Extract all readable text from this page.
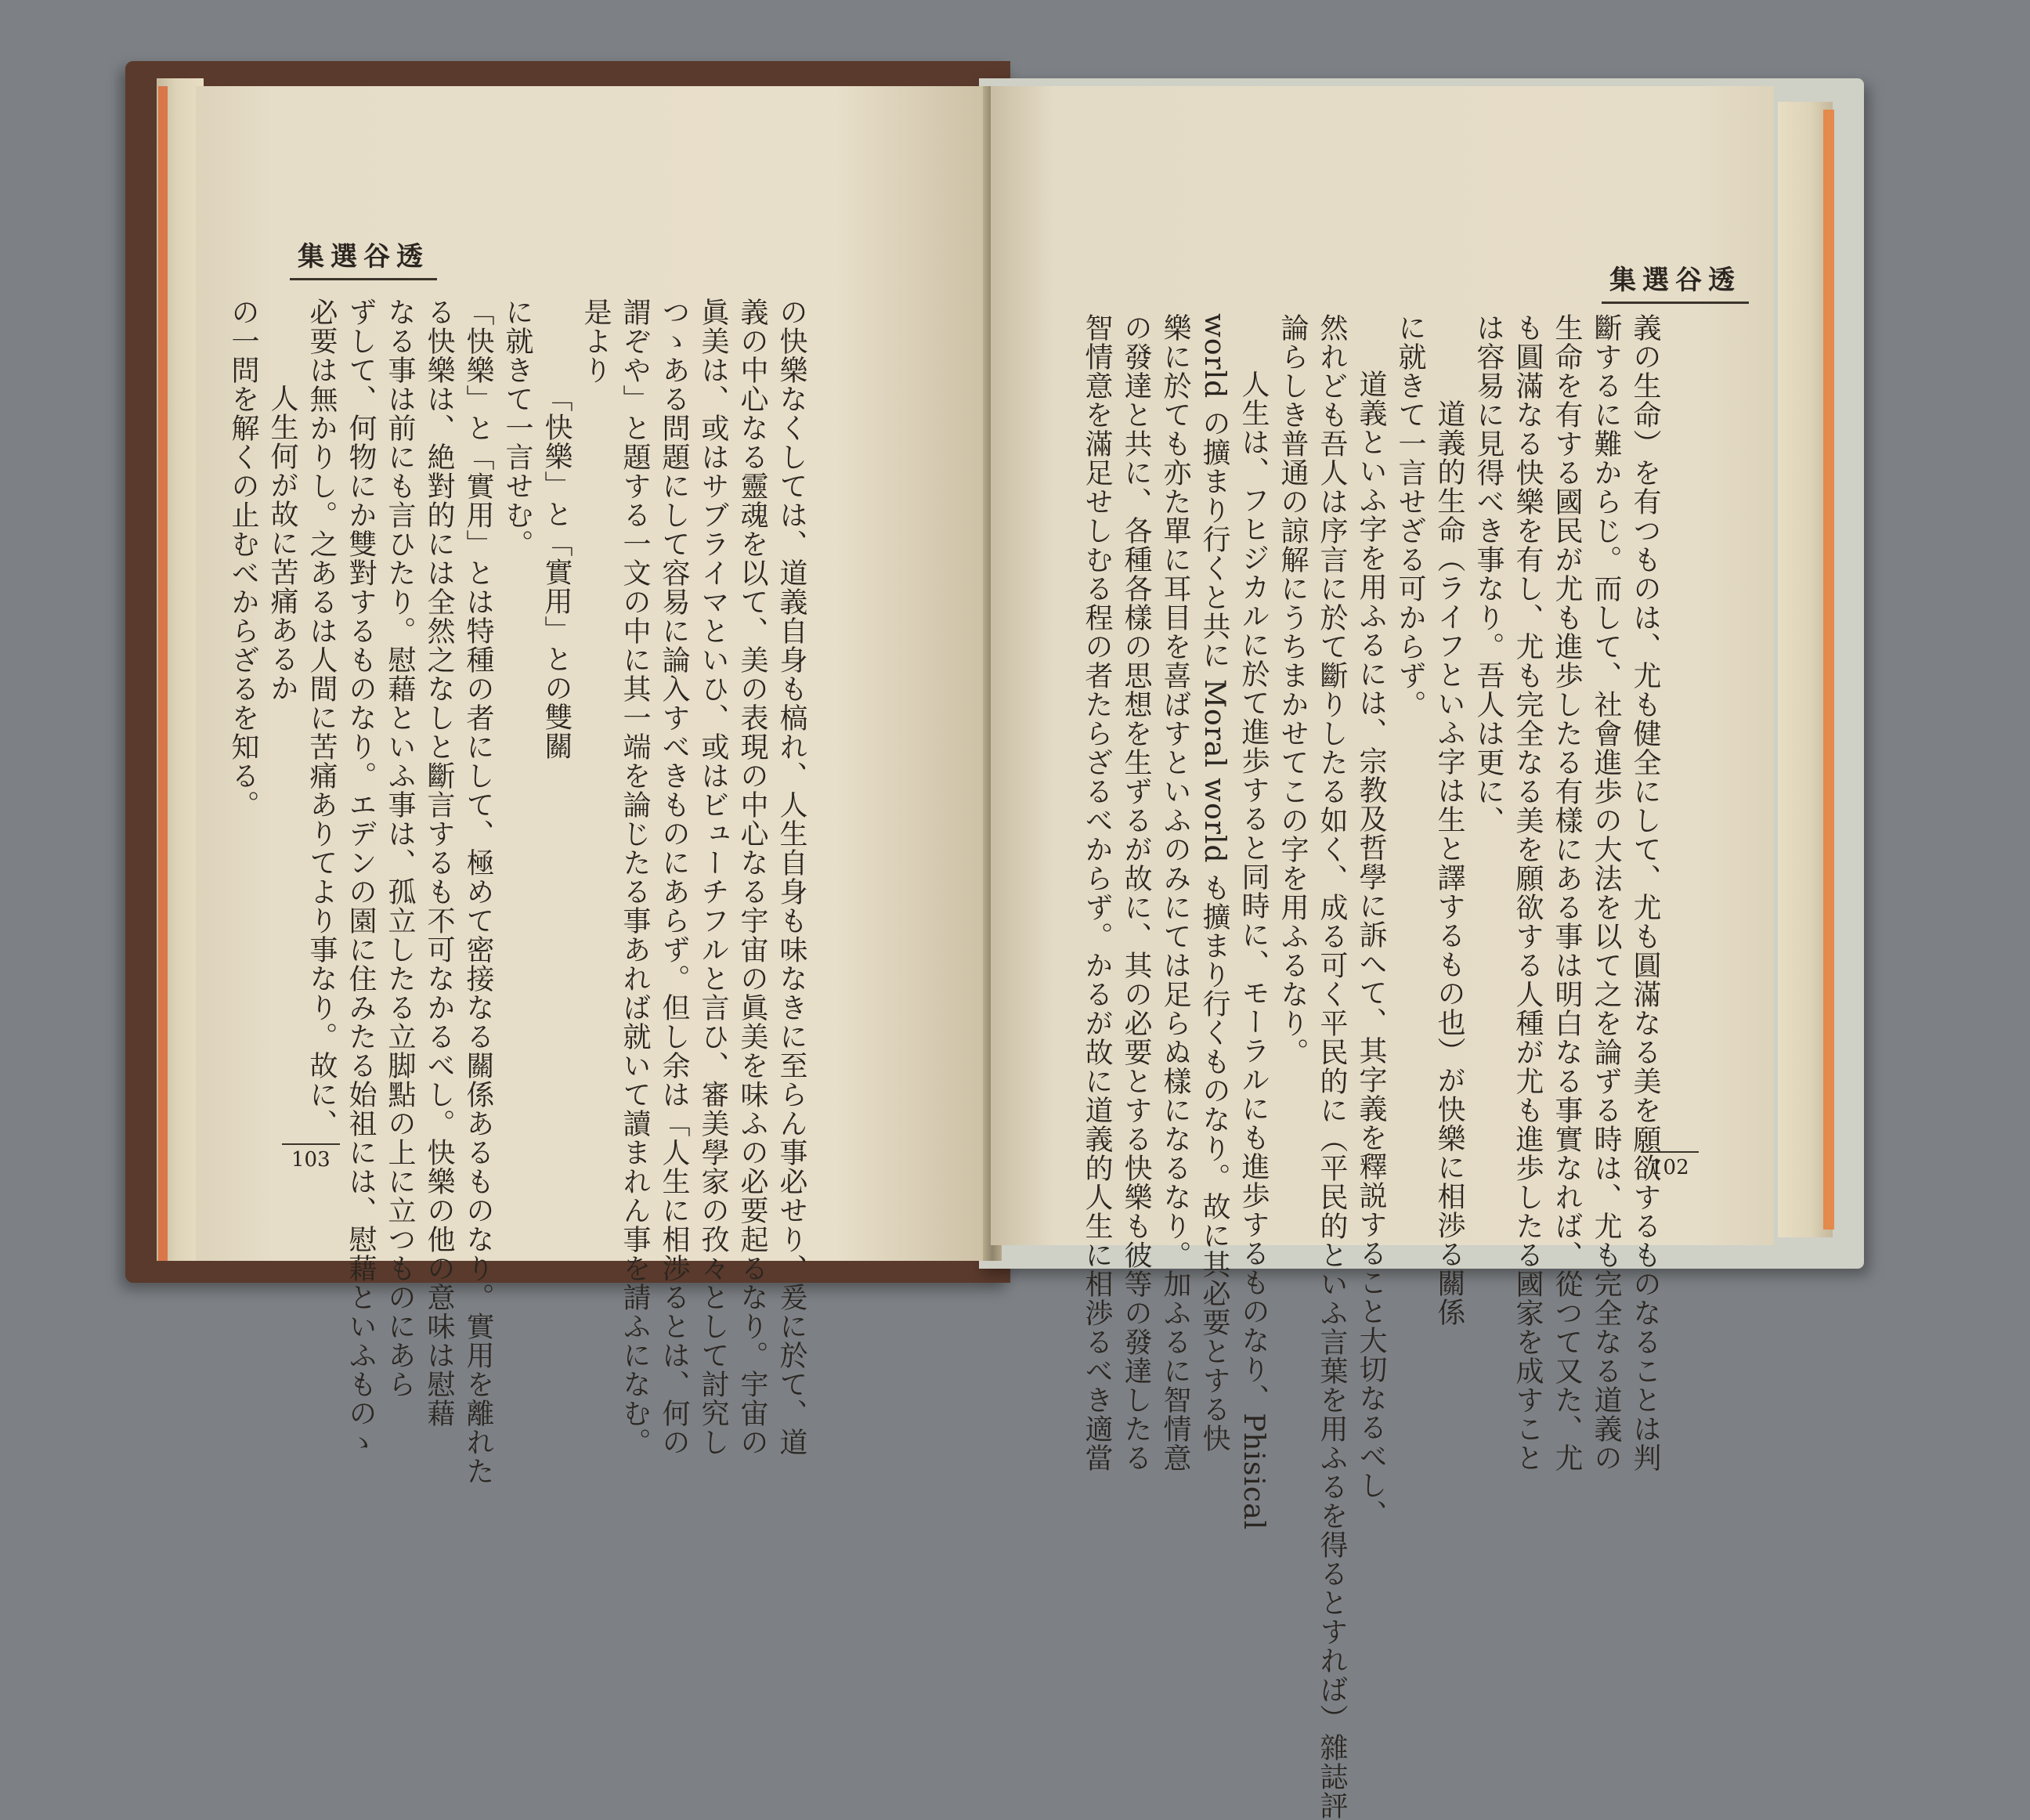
集選谷透
の快樂なくしては、道義自身も槁れ、人生自身も味なきに至らん事必せり、爰に於て、道
義の中心なる靈魂を以て、美の表現の中心なる宇宙の眞美を味ふの必要起るなり。宇宙の
眞美は、或はサブライマといひ、或はビューチフルと言ひ、審美學家の孜々として討究し
つゝある問題にして容易に論入すべきものにあらず。但し余は「人生に相渉るとは、何の
謂ぞや」と題する一文の中に其一端を論じたる事あれば就いて讀まれん事を請ふになむ。
是より
「快樂」と「實用」との雙關
に就きて一言せむ。
「快樂」と「實用」とは特種の者にして、極めて密接なる關係あるものなり。實用を離れた
る快樂は、絶對的には全然之なしと斷言するも不可なかるべし。快樂の他の意味は慰藉
なる事は前にも言ひたり。慰藉といふ事は、孤立したる立脚點の上に立つものにあら
ずして、何物にか雙對するものなり。エデンの園に住みたる始祖には、慰藉といふものゝ
必要は無かりし。之あるは人間に苦痛ありてより事なり。故に、
人生何が故に苦痛あるか
の一問を解くの止むべからざるを知る。
103
集選谷透
義の生命）を有つものは、尤も健全にして、尤も圓滿なる美を願欲するものなることは判
斷するに難からじ。而して、社會進歩の大法を以て之を論ずる時は、尤も完全なる道義の
生命を有する國民が尤も進歩したる有樣にある事は明白なる事實なれば、從つて又た、尤
も圓滿なる快樂を有し、尤も完全なる美を願欲する人種が尤も進歩したる國家を成すこと
は容易に見得べき事なり。吾人は更に、
道義的生命（ライフといふ字は生と譯するもの也）が快樂に相渉る關係
に就きて一言せざる可からず。
道義といふ字を用ふるには、宗教及哲學に訴へて、其字義を釋説すること大切なるべし、
然れども吾人は序言に於て斷りしたる如く、成る可く平民的に（平民的といふ言葉を用ふるを得るとすれば）雜誌評
論らしき普通の諒解にうちまかせてこの字を用ふるなり。
人生は、フヒジカルに於て進歩すると同時に、モーラルにも進歩するものなり、Phisical
world の擴まり行くと共に Moral world も擴まり行くものなり。故に其必要とする快
樂に於ても亦た單に耳目を喜ばすといふのみにては足らぬ樣になるなり。加ふるに智情意
の發達と共に、各種各樣の思想を生ずるが故に、其の必要とする快樂も彼等の發達したる
智情意を滿足せしむる程の者たらざるべからず。かるが故に道義的人生に相渉るべき適當	102
